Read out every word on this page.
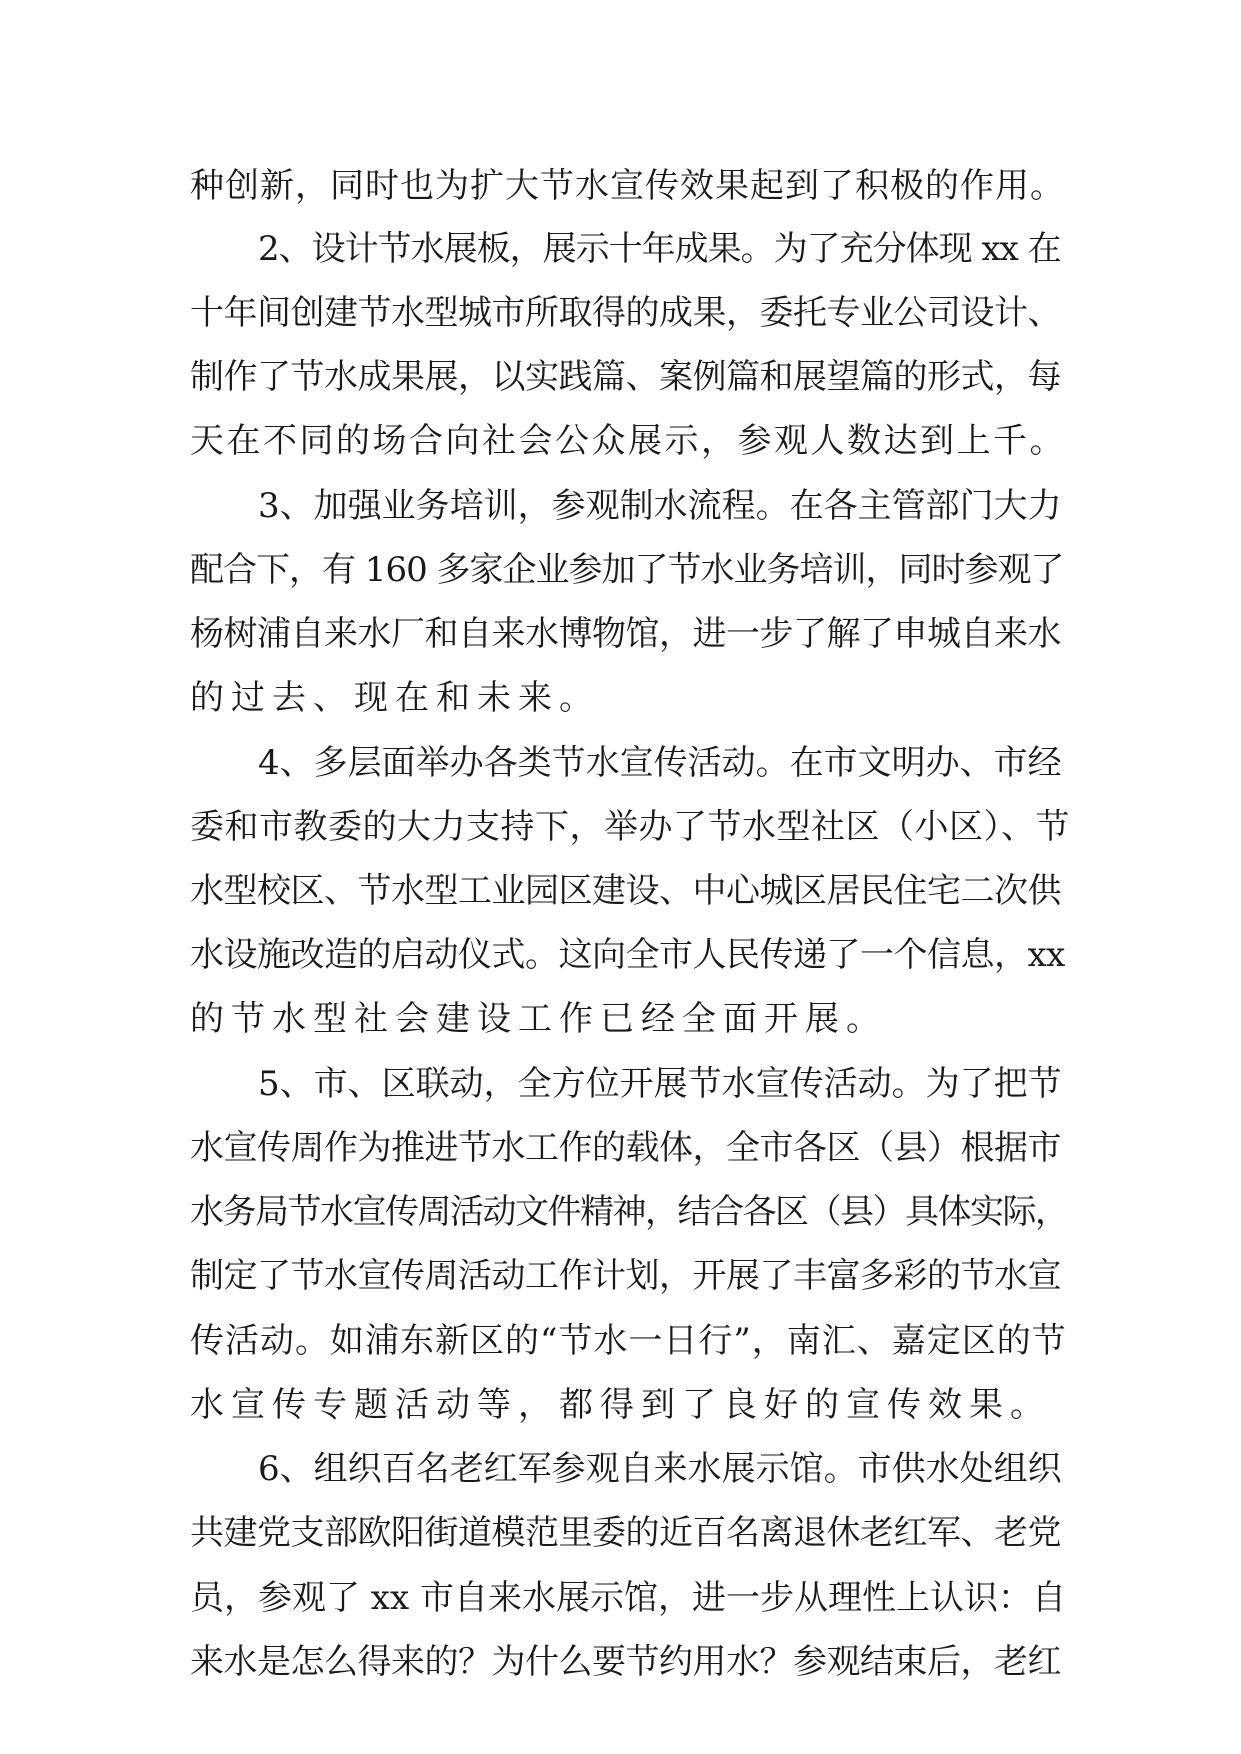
种创新，同时也为扩大节水宣传效果起到了积极的作用。
2、设计节水展板，展示十年成果。为了充分体现 xx 在
十年间创建节水型城市所取得的成果，委托专业公司设计、
制作了节水成果展，以实践篇、案例篇和展望篇的形式，每
天在不同的场合向社会公众展示，参观人数达到上千。
3、加强业务培训，参观制水流程。在各主管部门大力
配合下，有 160 多家企业参加了节水业务培训，同时参观了
杨树浦自来水厂和自来水博物馆，进一步了解了申城自来水
的过去、现在和未来。
4、多层面举办各类节水宣传活动。在市文明办、市经
委和市教委的大力支持下，举办了节水型社区（小区）、节
水型校区、节水型工业园区建设、中心城区居民住宅二次供
水设施改造的启动仪式。这向全市人民传递了一个信息，xx
的节水型社会建设工作已经全面开展。
5、市、区联动，全方位开展节水宣传活动。为了把节
水宣传周作为推进节水工作的载体，全市各区（县）根据市
水务局节水宣传周活动文件精神，结合各区（县）具体实际，
制定了节水宣传周活动工作计划，开展了丰富多彩的节水宣
传活动。如浦东新区的“节水一日行”，南汇、嘉定区的节
水宣传专题活动等，都得到了良好的宣传效果。
6、组织百名老红军参观自来水展示馆。市供水处组织
共建党支部欧阳街道模范里委的近百名离退休老红军、老党
员，参观了 xx 市自来水展示馆，进一步从理性上认识：自
来水是怎么得来的？为什么要节约用水？参观结束后，老红
